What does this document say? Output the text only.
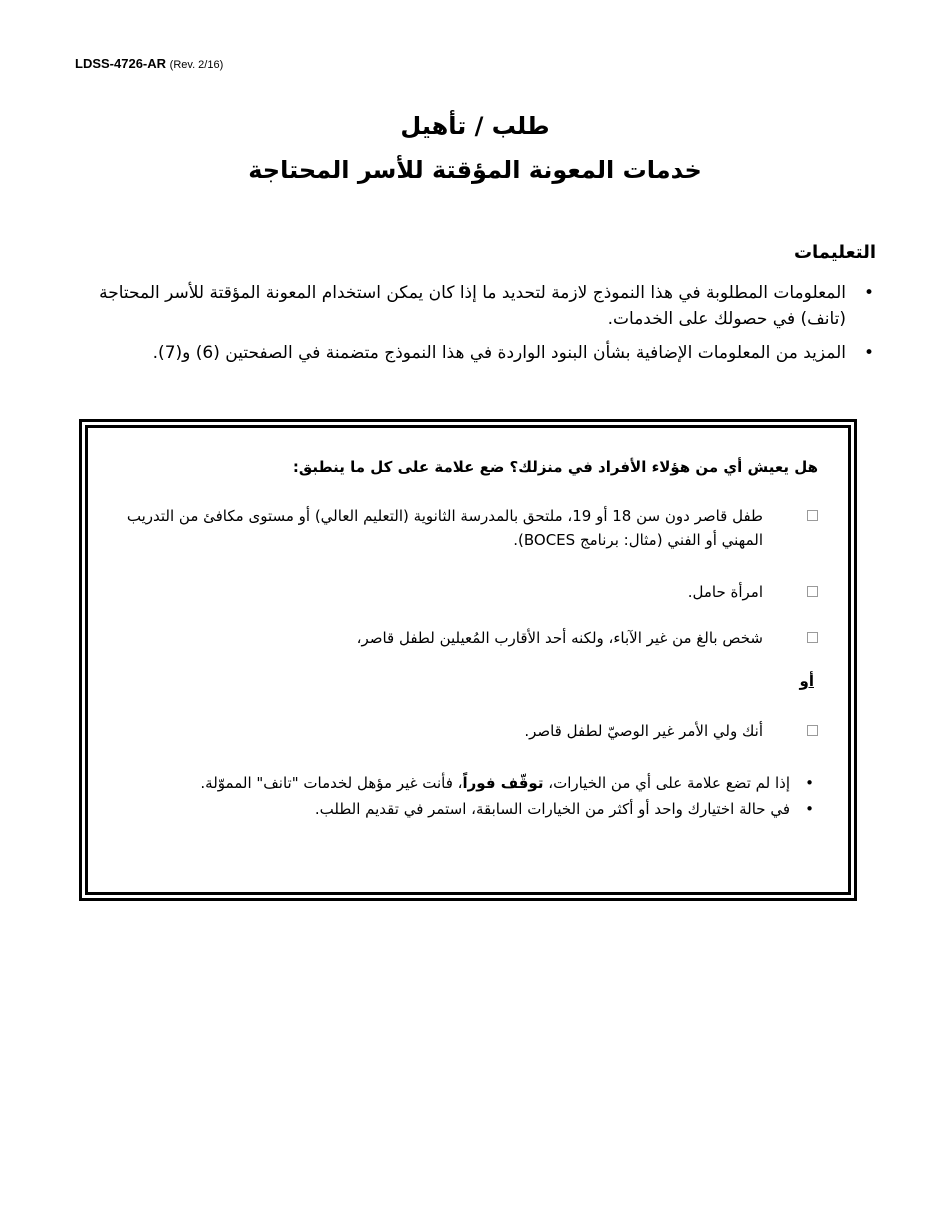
LDSS-4726-AR (Rev. 2/16)
طلب / تأهيل
خدمات المعونة المؤقتة للأسر المحتاجة
التعليمات
•
المعلومات المطلوبة في هذا النموذج لازمة لتحديد ما إذا كان يمكن استخدام المعونة المؤقتة للأسر المحتاجة (تانف) في حصولك على الخدمات.
•
المزيد من المعلومات الإضافية بشأن البنود الواردة في هذا النموذج متضمنة في الصفحتين (6) و(7).
هل يعيش أي من هؤلاء الأفراد في منزلك؟ ضع علامة على كل ما ينطبق:
طفل قاصر دون سن 18 أو 19، ملتحق بالمدرسة الثانوية (التعليم العالي) أو مستوى مكافئ من التدريب المهني أو الفني (مثال: برنامج BOCES).
امرأة حامل.
شخص بالغ من غير الآباء، ولكنه أحد الأقارب المُعيلين لطفل قاصر،
أو
أنك ولي الأمر غير الوصيّ لطفل قاصر.
•
إذا لم تضع علامة على أي من الخيارات، توقّف فوراً، فأنت غير مؤهل لخدمات "تانف" المموّلة.
•
في حالة اختيارك واحد أو أكثر من الخيارات السابقة، استمر في تقديم الطلب.
